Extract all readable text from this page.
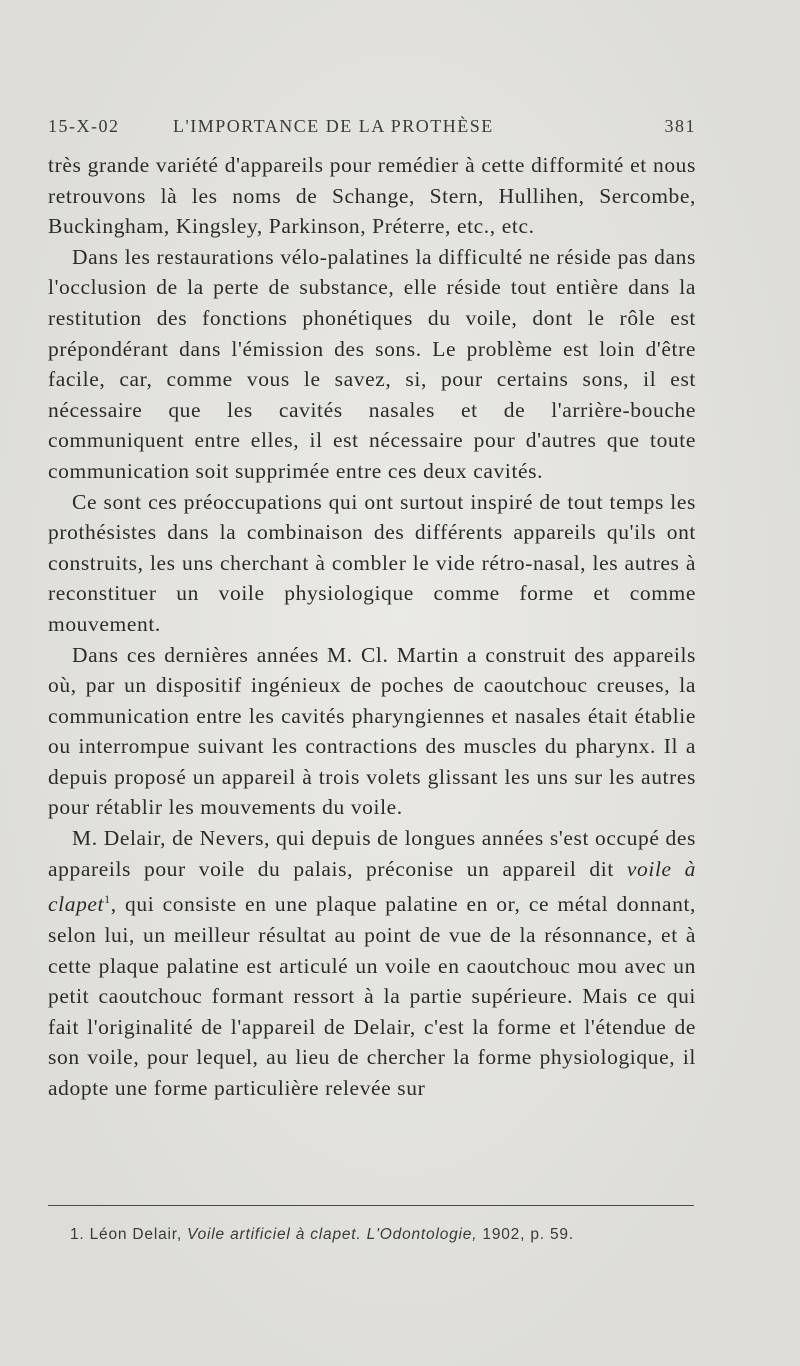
15-X-02	L'IMPORTANCE DE LA PROTHÈSE	381

très grande variété d'appareils pour remédier à cette difformité et nous retrouvons là les noms de Schange, Stern, Hullihen, Sercombe, Buckingham, Kingsley, Parkinson, Préterre, etc., etc.

Dans les restaurations vélo-palatines la difficulté ne réside pas dans l'occlusion de la perte de substance, elle réside tout entière dans la restitution des fonctions phonétiques du voile, dont le rôle est prépondérant dans l'émission des sons. Le problème est loin d'être facile, car, comme vous le savez, si, pour certains sons, il est nécessaire que les cavités nasales et de l'arrière-bouche communiquent entre elles, il est nécessaire pour d'autres que toute communication soit supprimée entre ces deux cavités.

Ce sont ces préoccupations qui ont surtout inspiré de tout temps les prothésistes dans la combinaison des différents appareils qu'ils ont construits, les uns cherchant à combler le vide rétro-nasal, les autres à reconstituer un voile physiologique comme forme et comme mouvement.

Dans ces dernières années M. Cl. Martin a construit des appareils où, par un dispositif ingénieux de poches de caoutchouc creuses, la communication entre les cavités pharyngiennes et nasales était établie ou interrompue suivant les contractions des muscles du pharynx. Il a depuis proposé un appareil à trois volets glissant les uns sur les autres pour rétablir les mouvements du voile.

M. Delair, de Nevers, qui depuis de longues années s'est occupé des appareils pour voile du palais, préconise un appareil dit voile à clapet$^1$, qui consiste en une plaque palatine en or, ce métal donnant, selon lui, un meilleur résultat au point de vue de la résonnance, et à cette plaque palatine est articulé un voile en caoutchouc mou avec un petit caoutchouc formant ressort à la partie supérieure. Mais ce qui fait l'originalité de l'appareil de Delair, c'est la forme et l'étendue de son voile, pour lequel, au lieu de chercher la forme physiologique, il adopte une forme particulière relevée sur

1. Léon Delair, Voile artificiel à clapet. L'Odontologie, 1902, p. 59.
